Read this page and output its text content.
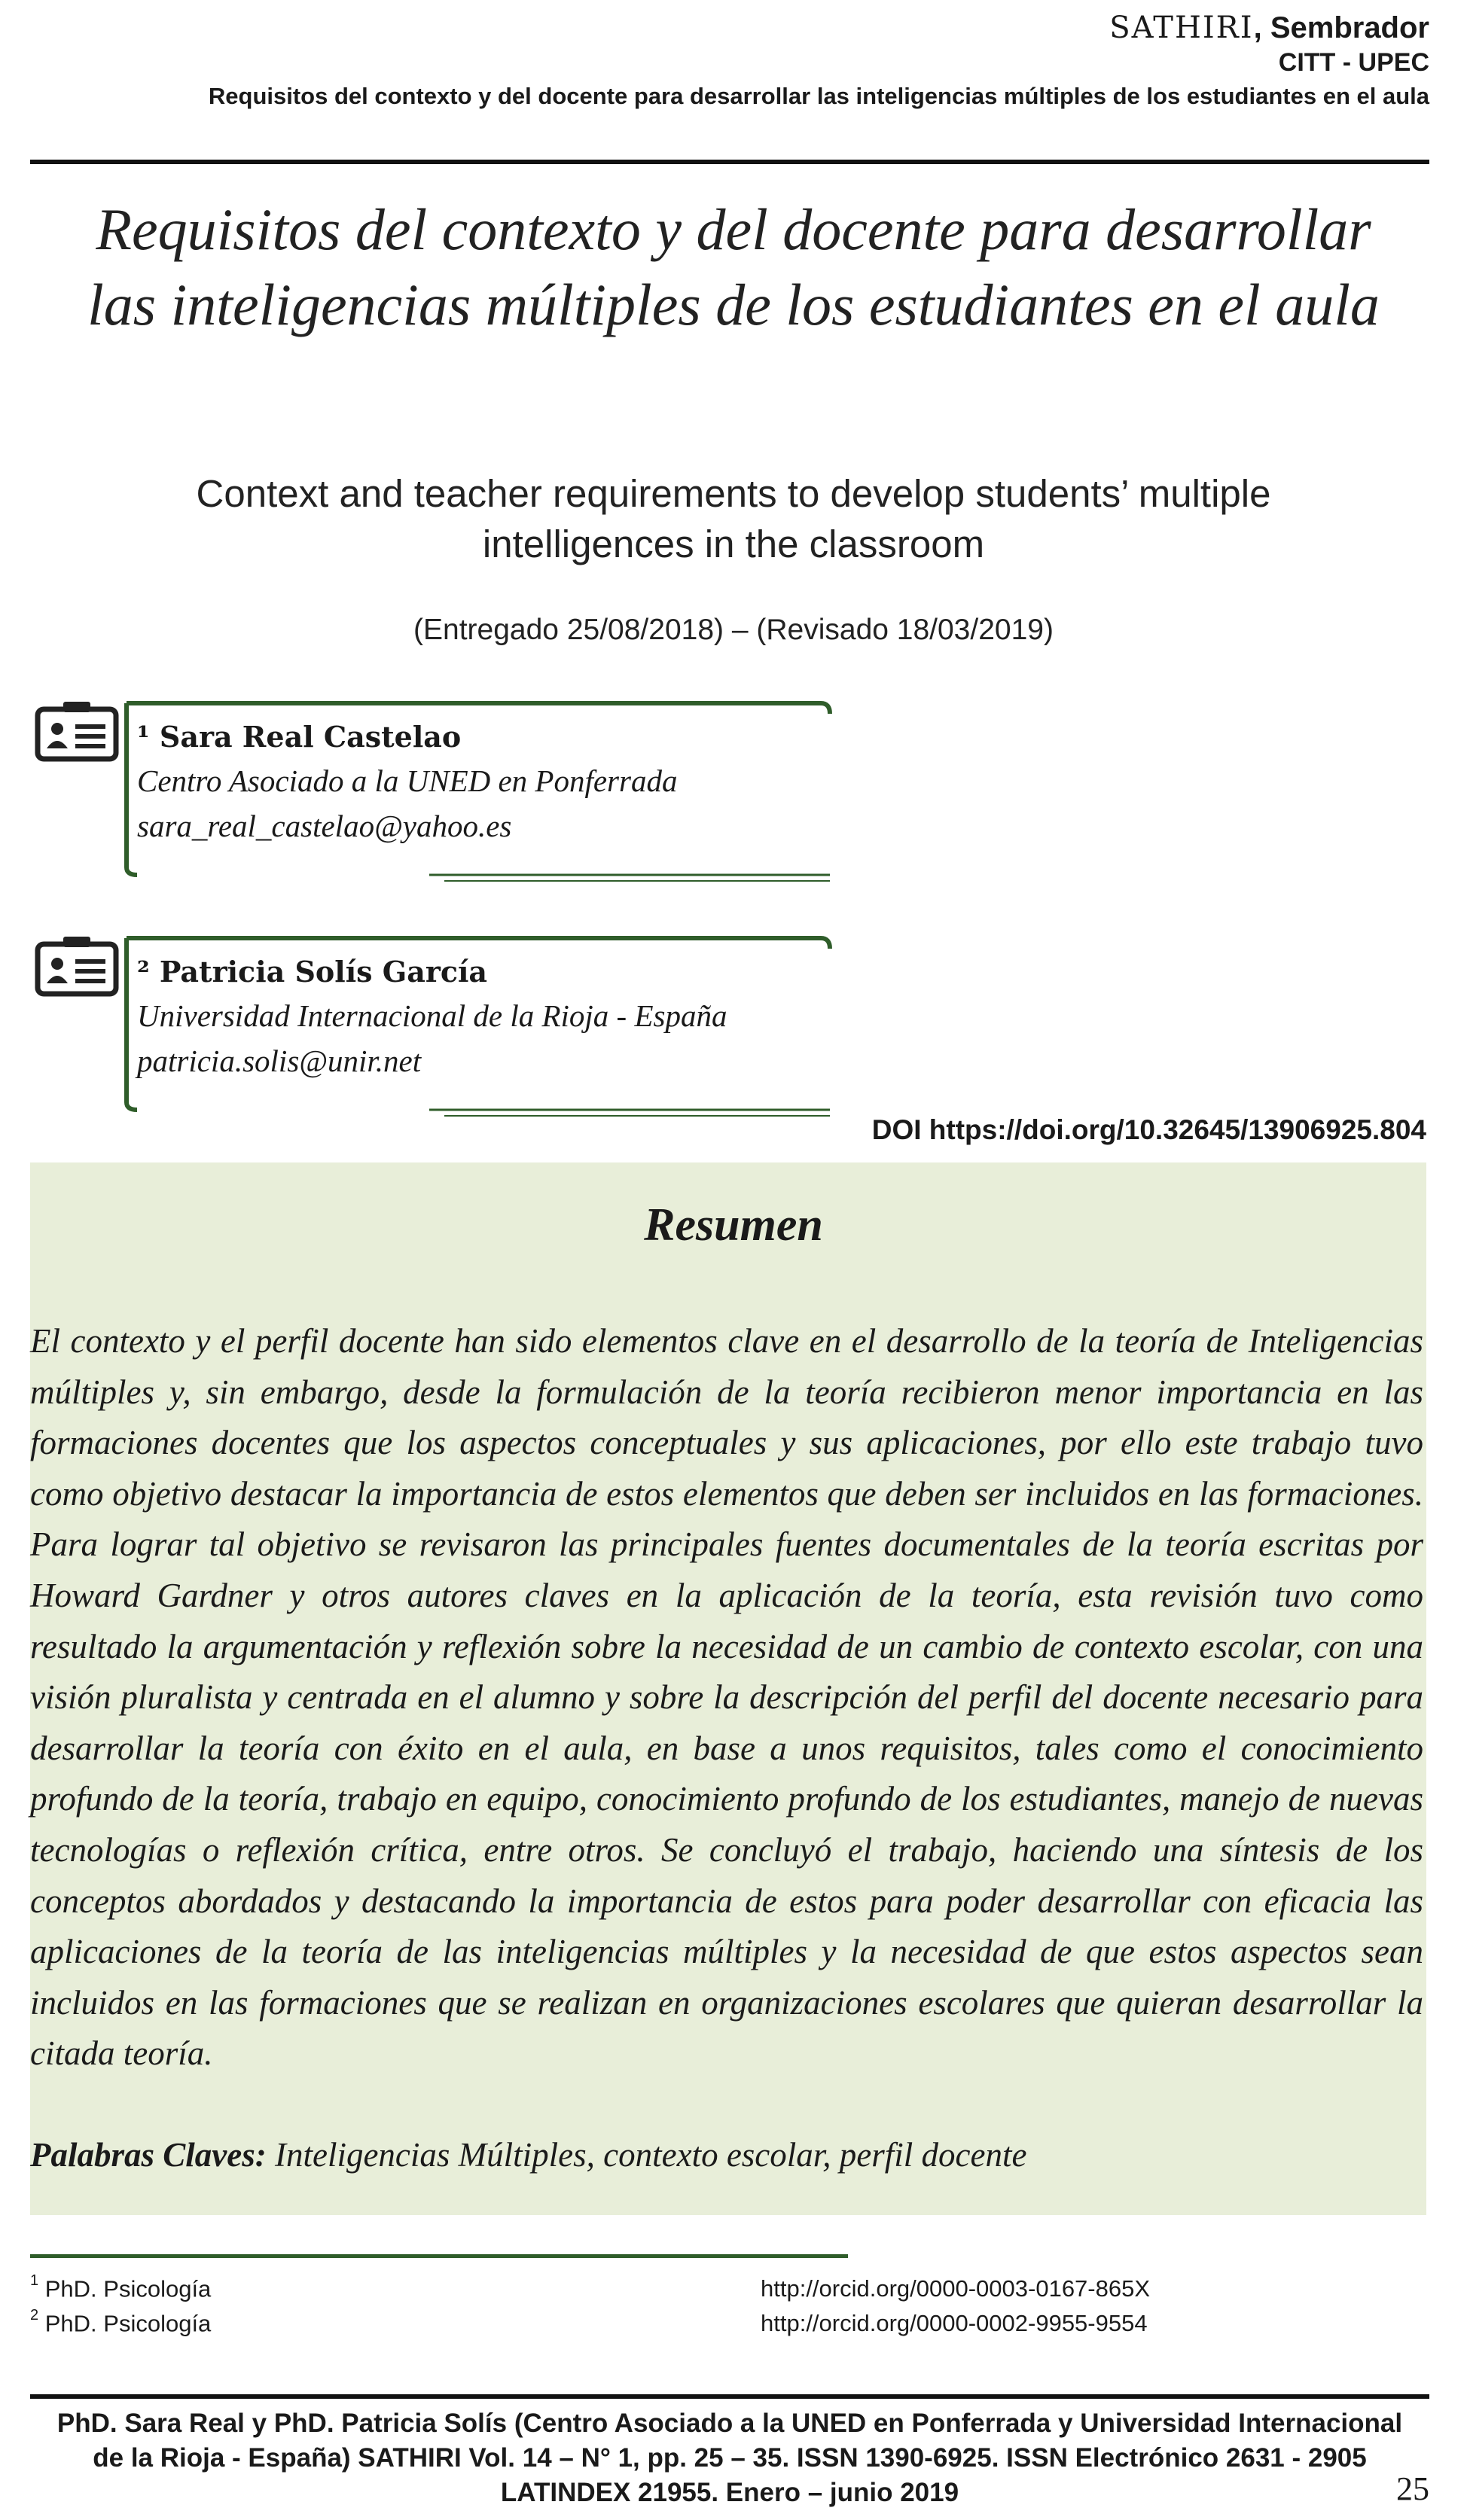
SATHIRI, Sembrador
CITT - UPEC
Requisitos del contexto y del docente para desarrollar las inteligencias múltiples de los estudiantes en el aula
Requisitos del contexto y del docente para desarrollar las inteligencias múltiples de los estudiantes en el aula
Context and teacher requirements to develop students’ multiple intelligences in the classroom
(Entregado 25/08/2018) – (Revisado 18/03/2019)
¹ Sara Real Castelao
Centro Asociado a la UNED en Ponferrada
sara_real_castelao@yahoo.es
² Patricia Solís García
Universidad Internacional de la Rioja - España
patricia.solis@unir.net
DOI https://doi.org/10.32645/13906925.804
Resumen
El contexto y el perfil docente han sido elementos clave en el desarrollo de la teoría de Inteligencias múltiples y, sin embargo, desde la formulación de la teoría recibieron menor importancia en las formaciones docentes que los aspectos conceptuales y sus aplicaciones, por ello este trabajo tuvo como objetivo destacar la importancia de estos elementos que deben ser incluidos en las formaciones. Para lograr tal objetivo se revisaron las principales fuentes documentales de la teoría escritas por Howard Gardner y otros autores claves en la aplicación de la teoría, esta revisión tuvo como resultado la argumentación y reflexión sobre la necesidad de un cambio de contexto escolar, con una visión pluralista y centrada en el alumno y sobre la descripción del perfil del docente necesario para desarrollar la teoría con éxito en el aula, en base a unos requisitos, tales como el conocimiento profundo de la teoría, trabajo en equipo, conocimiento profundo de los estudiantes, manejo de nuevas tecnologías o reflexión crítica, entre otros. Se concluyó el trabajo, haciendo una síntesis de los conceptos abordados y destacando la importancia de estos para poder desarrollar con eficacia las aplicaciones de la teoría de las inteligencias múltiples y la necesidad de que estos aspectos sean incluidos en las formaciones que se realizan en organizaciones escolares que quieran desarrollar la citada teoría.
Palabras Claves: Inteligencias Múltiples, contexto escolar, perfil docente
$^1$ PhD. Psicología	http://orcid.org/0000-0003-0167-865X
$^2$ PhD. Psicología	http://orcid.org/0000-0002-9955-9554
PhD. Sara Real y PhD. Patricia Solís (Centro Asociado a la UNED en Ponferrada y Universidad Internacional
de la Rioja - España) SATHIRI Vol. 14 – N° 1, pp. 25 – 35. ISSN 1390-6925. ISSN Electrónico 2631 - 2905
LATINDEX 21955. Enero – junio 2019	25
